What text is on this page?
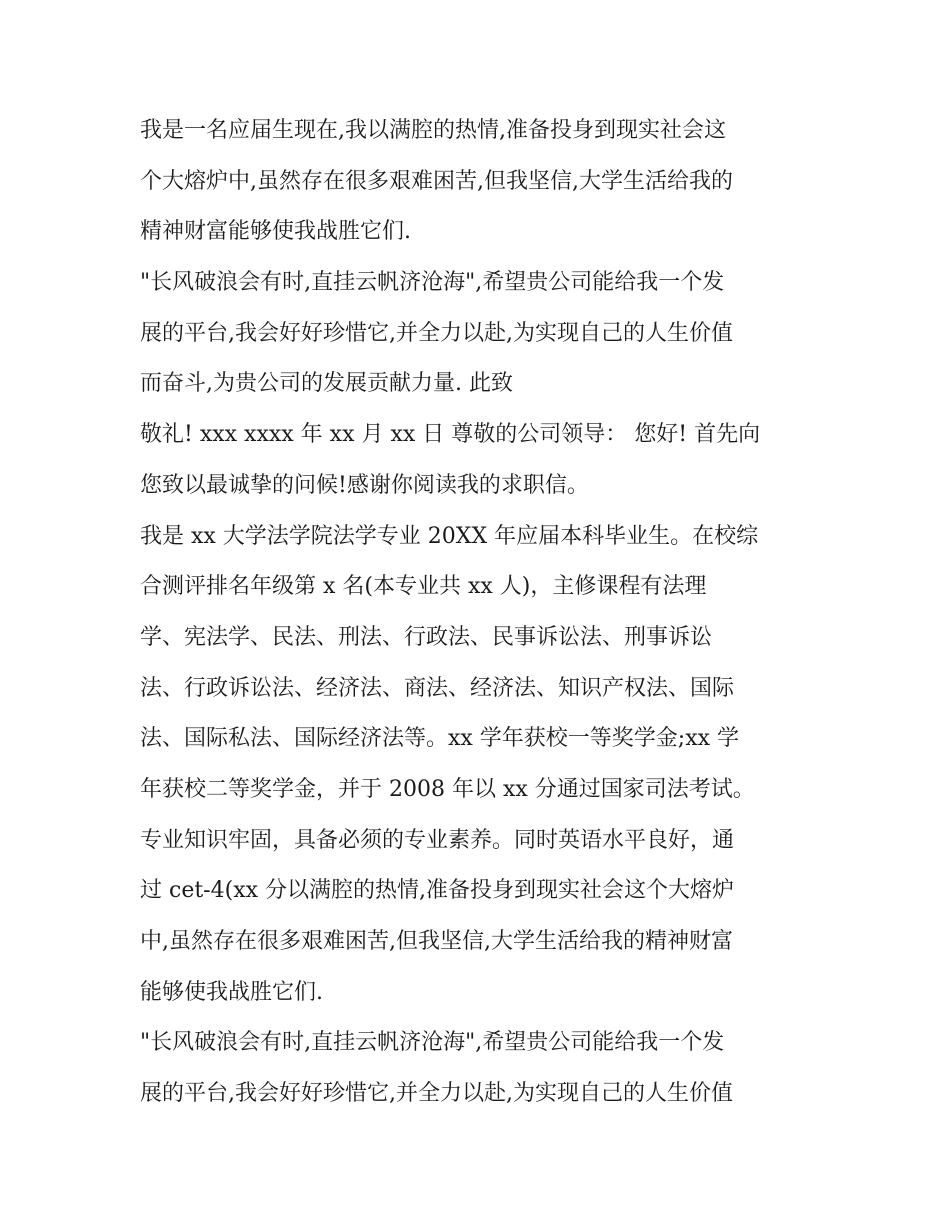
我是一名应届生现在,我以满腔的热情,准备投身到现实社会这
个大熔炉中,虽然存在很多艰难困苦,但我坚信,大学生活给我的
精神财富能够使我战胜它们.
"长风破浪会有时,直挂云帆济沧海",希望贵公司能给我一个发
展的平台,我会好好珍惜它,并全力以赴,为实现自己的人生价值
而奋斗,为贵公司的发展贡献力量. 此致
敬礼! xxx xxxx 年 xx 月 xx 日 尊敬的公司领导： 您好! 首先向
您致以最诚挚的问候!感谢你阅读我的求职信。
我是 xx 大学法学院法学专业 20XX 年应届本科毕业生。在校综
合测评排名年级第 x 名(本专业共 xx 人)，主修课程有法理
学、宪法学、民法、刑法、行政法、民事诉讼法、刑事诉讼
法、行政诉讼法、经济法、商法、经济法、知识产权法、国际
法、国际私法、国际经济法等。xx 学年获校一等奖学金;xx 学
年获校二等奖学金，并于 2008 年以 xx 分通过国家司法考试。
专业知识牢固，具备必须的专业素养。同时英语水平良好，通
过 cet-4(xx 分以满腔的热情,准备投身到现实社会这个大熔炉
中,虽然存在很多艰难困苦,但我坚信,大学生活给我的精神财富
能够使我战胜它们.
"长风破浪会有时,直挂云帆济沧海",希望贵公司能给我一个发
展的平台,我会好好珍惜它,并全力以赴,为实现自己的人生价值
